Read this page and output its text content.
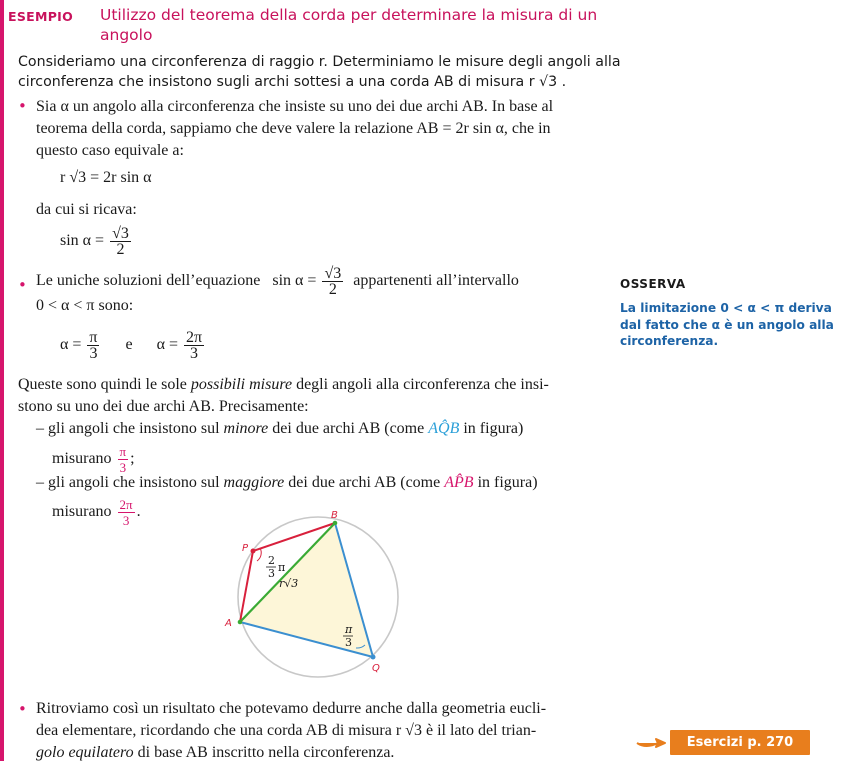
ESEMPIO Utilizzo del teorema della corda per determinare la misura di un angolo
Consideriamo una circonferenza di raggio r. Determiniamo le misure degli angoli alla
circonferenza che insistono sugli archi sottesi a una corda AB di misura r √3 .
• Sia α un angolo alla circonferenza che insiste su uno dei due archi AB. In base al
teorema della corda, sappiamo che deve valere la relazione AB = 2r sin α, che in
questo caso equivale a:
r √3 = 2r sin α
da cui si ricava:
$\sin \alpha = \frac{√3}{2}$
• Le uniche soluzioni dell’equazione $\sin \alpha = \frac{√3}{2}$ appartenenti all’intervallo
0 < α < π sono:
$\alpha = \frac{\pi}{3}$ e $\alpha = \frac{2\pi}{3}$
Queste sono quindi le sole possibili misure degli angoli alla circonferenza che insi-
stono su uno dei due archi AB. Precisamente:
– gli angoli che insistono sul minore dei due archi AB (come AQ̂B in figura)
misurano $\frac{\pi}{3}$ ;
– gli angoli che insistono sul maggiore dei due archi AB (come AP̂B in figura)
misurano $\frac{2\pi}{3}$ .	B
P
A
Q
2
3 π
r√3
π
3
• Ritroviamo così un risultato che potevamo dedurre anche dalla geometria eucli-
dea elementare, ricordando che una corda AB di misura r √3 è il lato del trian-
golo equilatero di base AB inscritto nella circonferenza.
OSSERVA
La limitazione 0 < α < π deriva dal fatto che α è un angolo alla circonferenza.
Esercizi p. 270
